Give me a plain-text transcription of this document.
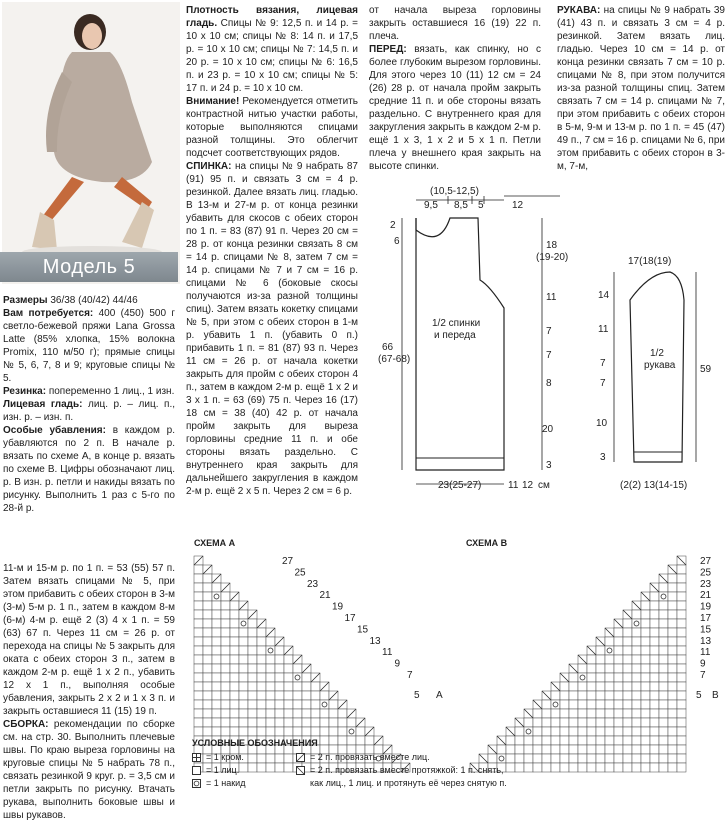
Модель 5

Размеры 36/38 (40/42) 44/46

Вам потребуется: 400 (450) 500 г светло-бежевой пряжи Lana Grossa Latte (85% хлопка, 15% волокна Promix, 110 м/50 г); прямые спицы № 5, 6, 7, 8 и 9; круговые спицы № 5.

Резинка: попеременно 1 лиц., 1 изн.

Лицевая гладь: лиц. р. – лиц. п., изн. р. – изн. п.

Особые убавления: в каждом р. убавляются по 2 п. В начале р. вязать по схеме А, в конце р. вязать по схеме В. Цифры обозначают лиц. р. В изн. р. петли и накиды вязать по рисунку. Выполнить 1 раз с 5-го по 28-й р.

Плотность вязания, лицевая гладь. Спицы № 9: 12,5 п. и 14 р. = 10 х 10 см; спицы № 8: 14 п. и 17,5 р. = 10 х 10 см; спицы № 7: 14,5 п. и 20 р. = 10 х 10 см; спицы № 6: 16,5 п. и 23 р. = 10 х 10 см; спицы № 5: 17 п. и 24 р. = 10 х 10 см.

Внимание! Рекомендуется отметить контрастной нитью участки работы, которые выполняются спицами разной толщины. Это облегчит подсчет соответствующих рядов.

СПИНКА: на спицы № 9 набрать 87 (91) 95 п. и связать 3 см = 4 р. резинкой. Далее вязать лиц. гладью. В 13-м и 27-м р. от конца резинки убавить для скосов с обеих сторон по 1 п. = 83 (87) 91 п. Через 20 см = 28 р. от конца резинки связать 8 см = 14 р. спицами № 8, затем 7 см = 14 р. спицами № 7 и 7 см = 16 р. спицами № 6 (боковые скосы получаются из-за разной толщины спиц). Затем вязать кокетку спицами № 5, при этом с обеих сторон в 1-м р. убавить 1 п. (убавить 0 п.) прибавить 1 п. = 81 (87) 93 п. Через 11 см = 26 р. от начала кокетки закрыть для пройм с обеих сторон 4 п., затем в каждом 2-м р. ещё 1 х 2 и 3 х 1 п. = 63 (69) 75 п. Через 16 (17) 18 см = 38 (40) 42 р. от начала пройм закрыть для выреза горловины средние 11 п. и обе стороны вязать раздельно. С внутреннего края закрыть для дальнейшего закругления в каждом 2-м р. ещё 2 х 5 п. Через 2 см = 6 р.

от начала выреза горловины закрыть оставшиеся 16 (19) 22 п. плеча.

ПЕРЕД: вязать, как спинку, но с более глубоким вырезом горловины. Для этого через 10 (11) 12 см = 24 (26) 28 р. от начала пройм закрыть средние 11 п. и обе стороны вязать раздельно. С внутреннего края для закругления закрыть в каждом 2-м р. ещё 1 х 3, 1 х 2 и 5 х 1 п. Петли плеча у внешнего края закрыть на высоте спинки.

РУКАВА: на спицы № 9 набрать 39 (41) 43 п. и связать 3 см = 4 р. резинкой. Затем вязать лиц. гладью. Через 10 см = 14 р. от конца резинки связать 7 см = 10 р. спицами № 8, при этом получится из-за разной толщины спиц. Затем связать 7 см = 14 р. спицами № 7, при этом прибавить с обеих сторон в 5-м, 9-м и 13-м р. по 1 п. = 45 (47) 49 п., 7 см = 16 р. спицами № 6, при этом прибавить с обеих сторон в 3-м, 7-м,

(10,5-12,5)
9,5 8,5 5	12
2
6
66
(67-68)
18
(19-20)
11
7
7
8
20
3
1/2 спинки
и переда
23(25-27)	11 12 см
17(18(19)
14
11
7
7
10
3
59
1/2
рукава
(2(2) 13(14-15)

11-м и 15-м р. по 1 п. = 53 (55) 57 п. Затем вязать спицами № 5, при этом прибавить с обеих сторон в 3-м (3-м) 5-м р. 1 п., затем в каждом 8-м (6-м) 4-м р. ещё 2 (3) 4 х 1 п. = 59 (63) 67 п. Через 11 см = 26 р. от перехода на спицы № 5 закрыть для оката с обеих сторон 3 п., затем в каждом 2-м р. ещё 1 х 2 п., убавить 12 х 1 п., выполняя особые убавления, закрыть 2 х 2 и 1 х 3 п. и закрыть оставшиеся 11 (15) 19 п.

СБОРКА: рекомендации по сборке см. на стр. 30. Выполнить плечевые швы. По краю выреза горловины на круговые спицы № 5 набрать 78 п., связать резинкой 9 круг. р. = 3,5 см и петли закрыть по рисунку. Втачать рукава, выполнить боковые швы и швы рукавов.

СХЕМА А
27
25
23
21
19
17
15
13
11
9
7
5 A
СХЕМА В
27
25
23
21
19
17
15
13
11
9
7
5 B
УСЛОВНЫЕ ОБОЗНАЧЕНИЯ
= 1 кром.
= 1 лиц.
= 1 накид
= 2 п. провязать вместе лиц.
= 2 п. провязать вместе протяжкой: 1 п. снять,
как лиц., 1 лиц. и протянуть её через снятую п.
